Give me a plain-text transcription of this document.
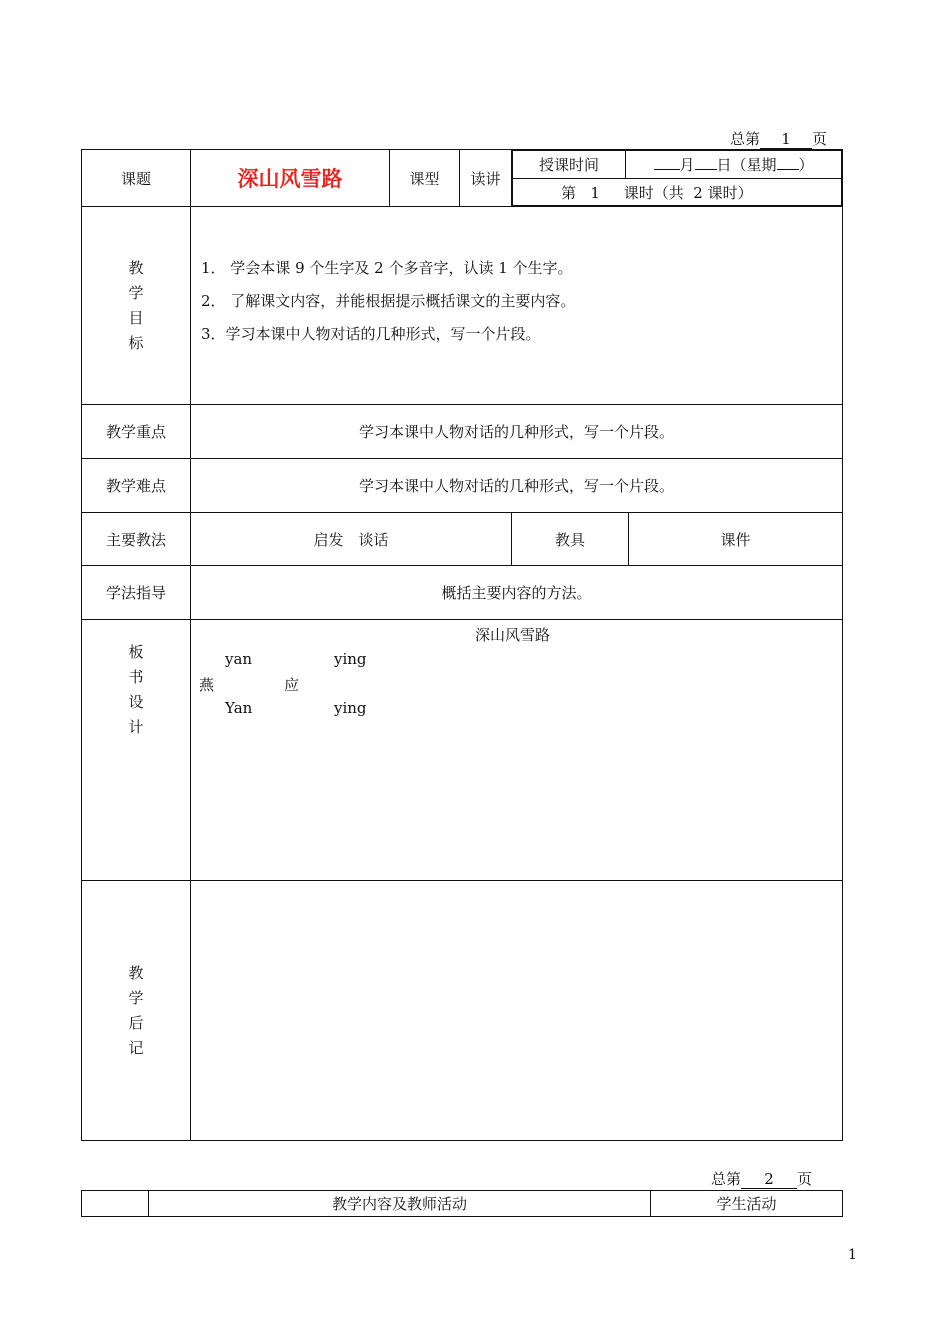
总第 1 页
课题	深山风雪路	课型	读讲	
授课时间	月 日（星期 ）
第 1 课时（共 2 课时）

教
学
目
标

1． 学会本课 9 个生字及 2 个多音字，认读 1 个生字。
2． 了解课文内容，并能根据提示概括课文的主要内容。
3．学习本课中人物对话的几种形式，写一个片段。

教学重点	学习本课中人物对话的几种形式，写一个片段。
教学难点	学习本课中人物对话的几种形式，写一个片段。
主要教法	启发　谈话	教具	课件
学法指导	概括主要内容的方法。

板
书
设
计

深山风雪路
yan	ying
燕	应
Yan	ying

教
学
后
记

总第 2 页
	教学内容及教师活动	学生活动
1
